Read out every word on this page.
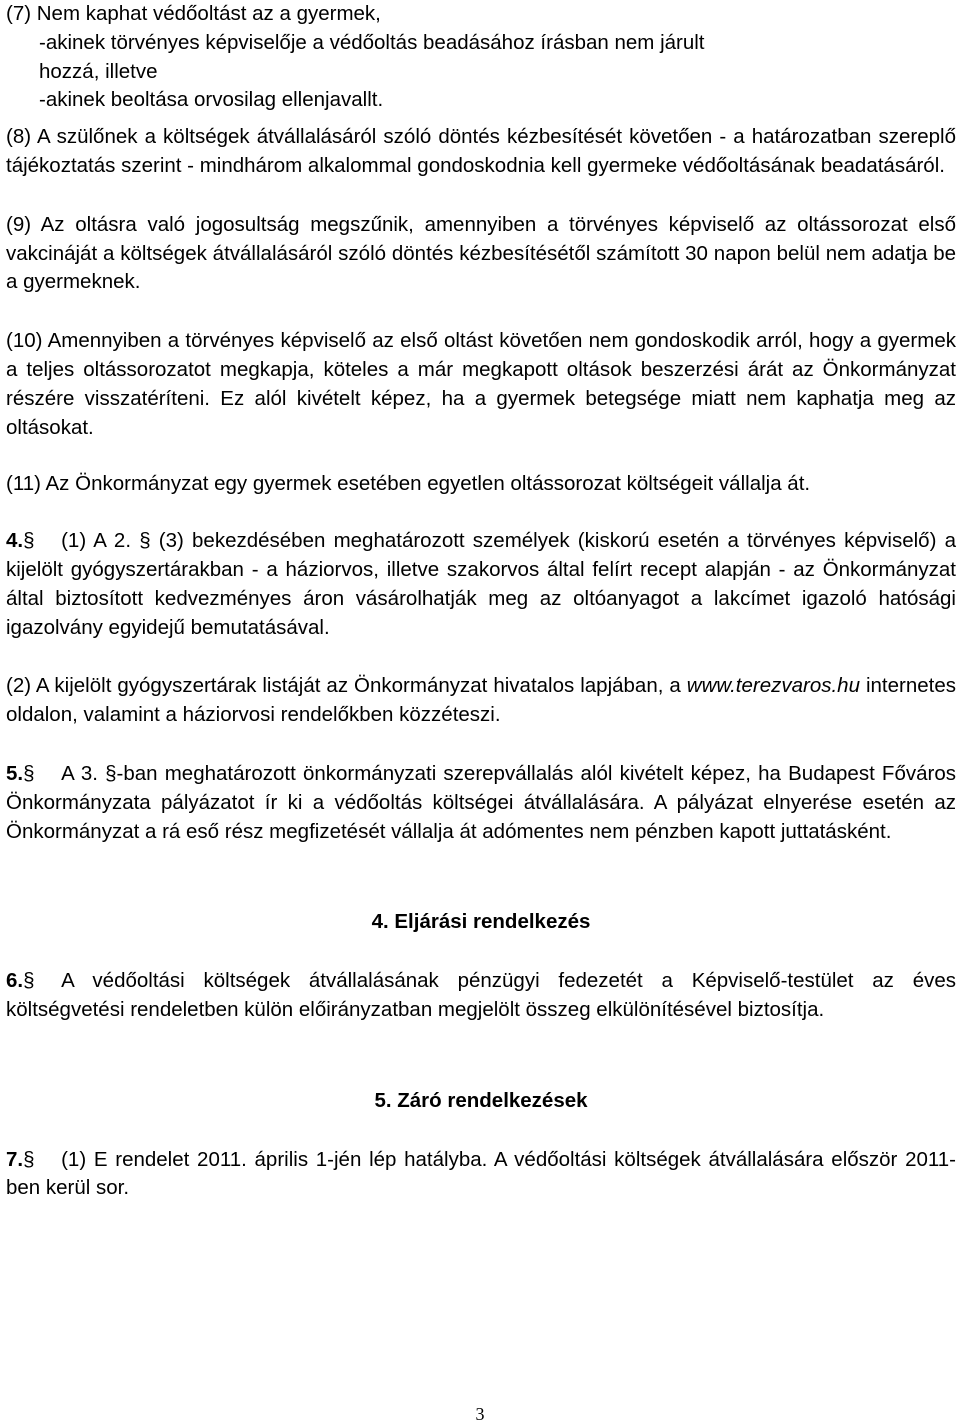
(7) Nem kaphat védőoltást az a gyermek,

-akinek törvényes képviselője a védőoltás beadásához írásban nem járult

hozzá, illetve

-akinek beoltása orvosilag ellenjavallt.

(8) A szülőnek a költségek átvállalásáról szóló döntés kézbesítését követően - a határozatban szereplő tájékoztatás szerint - mindhárom alkalommal gondoskodnia kell gyermeke védőoltásának beadatásáról.

(9) Az oltásra való jogosultság megszűnik, amennyiben a törvényes képviselő az oltássorozat első vakcináját a költségek átvállalásáról szóló döntés kézbesítésétől számított 30 napon belül nem adatja be a gyermeknek.

(10) Amennyiben a törvényes képviselő az első oltást követően nem gondoskodik arról, hogy a gyermek a teljes oltássorozatot megkapja, köteles a már megkapott oltások beszerzési árát az Önkormányzat részére visszatéríteni. Ez alól kivételt képez, ha a gyermek betegsége miatt nem kaphatja meg az oltásokat.

(11) Az Önkormányzat egy gyermek esetében egyetlen oltássorozat költségeit vállalja át.

4.§ (1) A 2. § (3) bekezdésében meghatározott személyek (kiskorú esetén a törvényes képviselő) a kijelölt gyógyszertárakban - a háziorvos, illetve szakorvos által felírt recept alapján - az Önkormányzat által biztosított kedvezményes áron vásárolhatják meg az oltóanyagot a lakcímet igazoló hatósági igazolvány egyidejű bemutatásával.

(2) A kijelölt gyógyszertárak listáját az Önkormányzat hivatalos lapjában, a www.terezvaros.hu internetes oldalon, valamint a háziorvosi rendelőkben közzéteszi.

5.§ A 3. §-ban meghatározott önkormányzati szerepvállalás alól kivételt képez, ha Budapest Főváros Önkormányzata pályázatot ír ki a védőoltás költségei átvállalására. A pályázat elnyerése esetén az Önkormányzat a rá eső rész megfizetését vállalja át adómentes nem pénzben kapott juttatásként.

4. Eljárási rendelkezés

6.§ A védőoltási költségek átvállalásának pénzügyi fedezetét a Képviselő-testület az éves költségvetési rendeletben külön előirányzatban megjelölt összeg elkülönítésével biztosítja.

5. Záró rendelkezések

7.§ (1) E rendelet 2011. április 1-jén lép hatályba. A védőoltási költségek átvállalására először 2011-ben kerül sor.

3
